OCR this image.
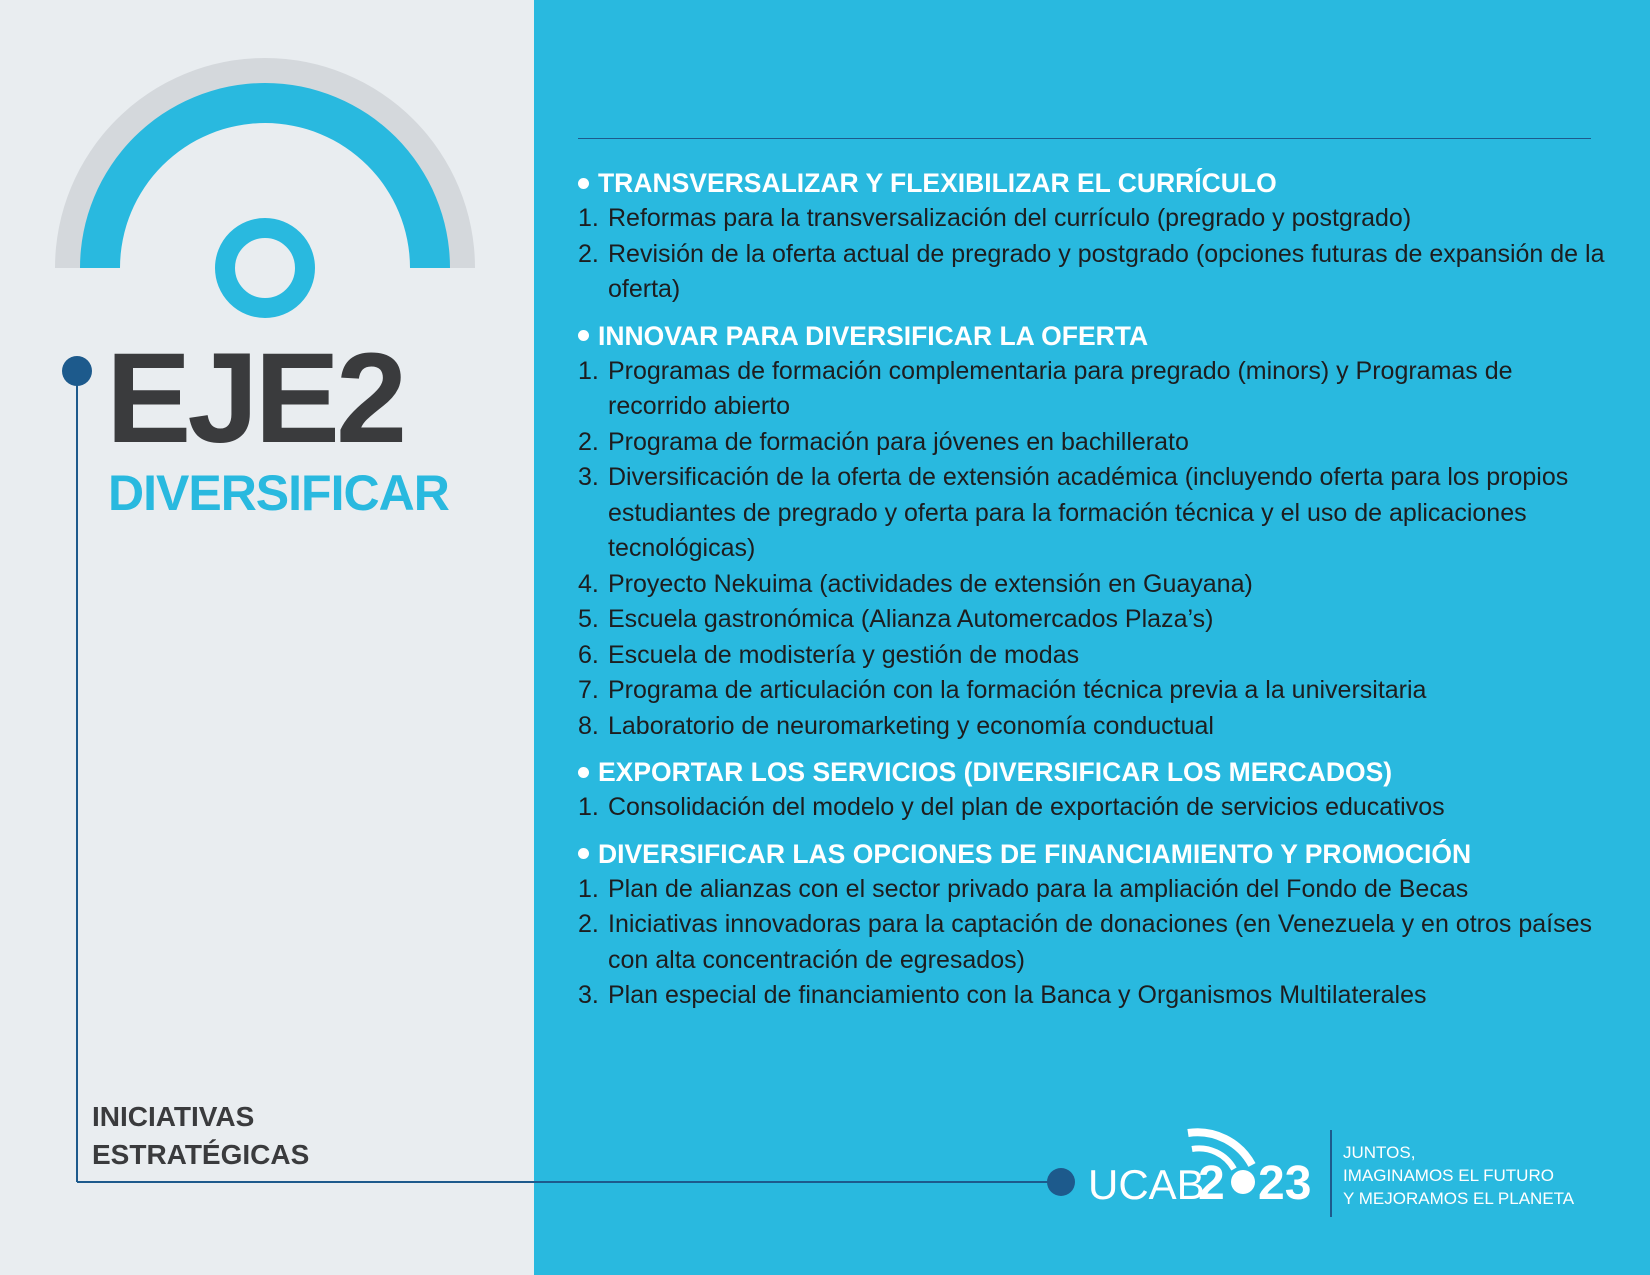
EJE2
DIVERSIFICAR
INICIATIVAS
ESTRATÉGICAS
TRANSVERSALIZAR Y FLEXIBILIZAR EL CURRÍCULO
1. Reformas para la transversalización del currículo (pregrado y postgrado)
2. Revisión de la oferta actual de pregrado y postgrado (opciones futuras de expansión de la oferta)
INNOVAR PARA DIVERSIFICAR LA OFERTA
1. Programas de formación complementaria para pregrado (minors) y Programas de recorrido abierto
2. Programa de formación para jóvenes en bachillerato
3. Diversificación de la oferta de extensión académica (incluyendo oferta para los propios estudiantes de pregrado y oferta para la formación técnica y el uso de aplicaciones tecnológicas)
4. Proyecto Nekuima (actividades de extensión en Guayana)
5. Escuela gastronómica (Alianza Automercados Plaza’s)
6. Escuela de modistería y gestión de modas
7. Programa de articulación con la formación técnica previa a la universitaria
8. Laboratorio de neuromarketing y economía conductual
EXPORTAR LOS SERVICIOS (DIVERSIFICAR LOS MERCADOS)
1. Consolidación del modelo y del plan de exportación de servicios educativos
DIVERSIFICAR LAS OPCIONES DE FINANCIAMIENTO Y PROMOCIÓN
1. Plan de alianzas con el sector privado para la ampliación del Fondo de Becas
2. Iniciativas innovadoras para la captación de donaciones (en Venezuela y en otros países con alta concentración de egresados)
3. Plan especial de financiamiento con la Banca y Organismos Multilaterales
UCAB
2 23
JUNTOS,
IMAGINAMOS EL FUTURO
Y MEJORAMOS EL PLANETA
